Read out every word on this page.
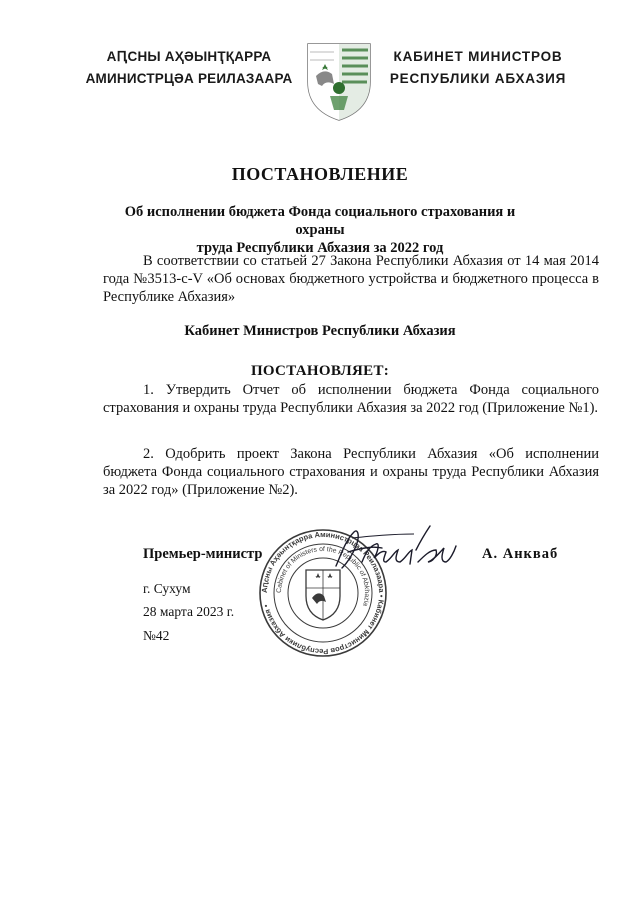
АԤСНЫ АҲӘЫНҬҚАРРА
АМИНИСТРЦӘА РЕИЛАЗААРА
КАБИНЕТ МИНИСТРОВ
РЕСПУБЛИКИ АБХАЗИЯ
ПОСТАНОВЛЕНИЕ
Об исполнении бюджета Фонда социального страхования и охраны
труда Республики Абхазия за 2022 год

В соответствии со статьей 27 Закона Республики Абхазия от 14 мая 2014 года №3513-с-V «Об основах бюджетного устройства и бюджетного процесса в Республике Абхазия»

Кабинет Министров Республики Абхазия
ПОСТАНОВЛЯЕТ:

1. Утвердить Отчет об исполнении бюджета Фонда социального страхования и охраны труда Республики Абхазия за 2022 год (Приложение №1).

2. Одобрить проект Закона Республики Абхазия «Об исполнении бюджета Фонда социального страхования и охраны труда Республики Абхазия за 2022 год» (Приложение №2).

Аԥсны Аҳәынҭқарра Аминистрцәа Реилазаара • Кабинет Министров Республики Абхазия •
Cabinet of Ministers of the Republic of Abkhazia
Премьер-министр	А. Анкваб
г. Сухум
28 марта 2023 г.
№42
